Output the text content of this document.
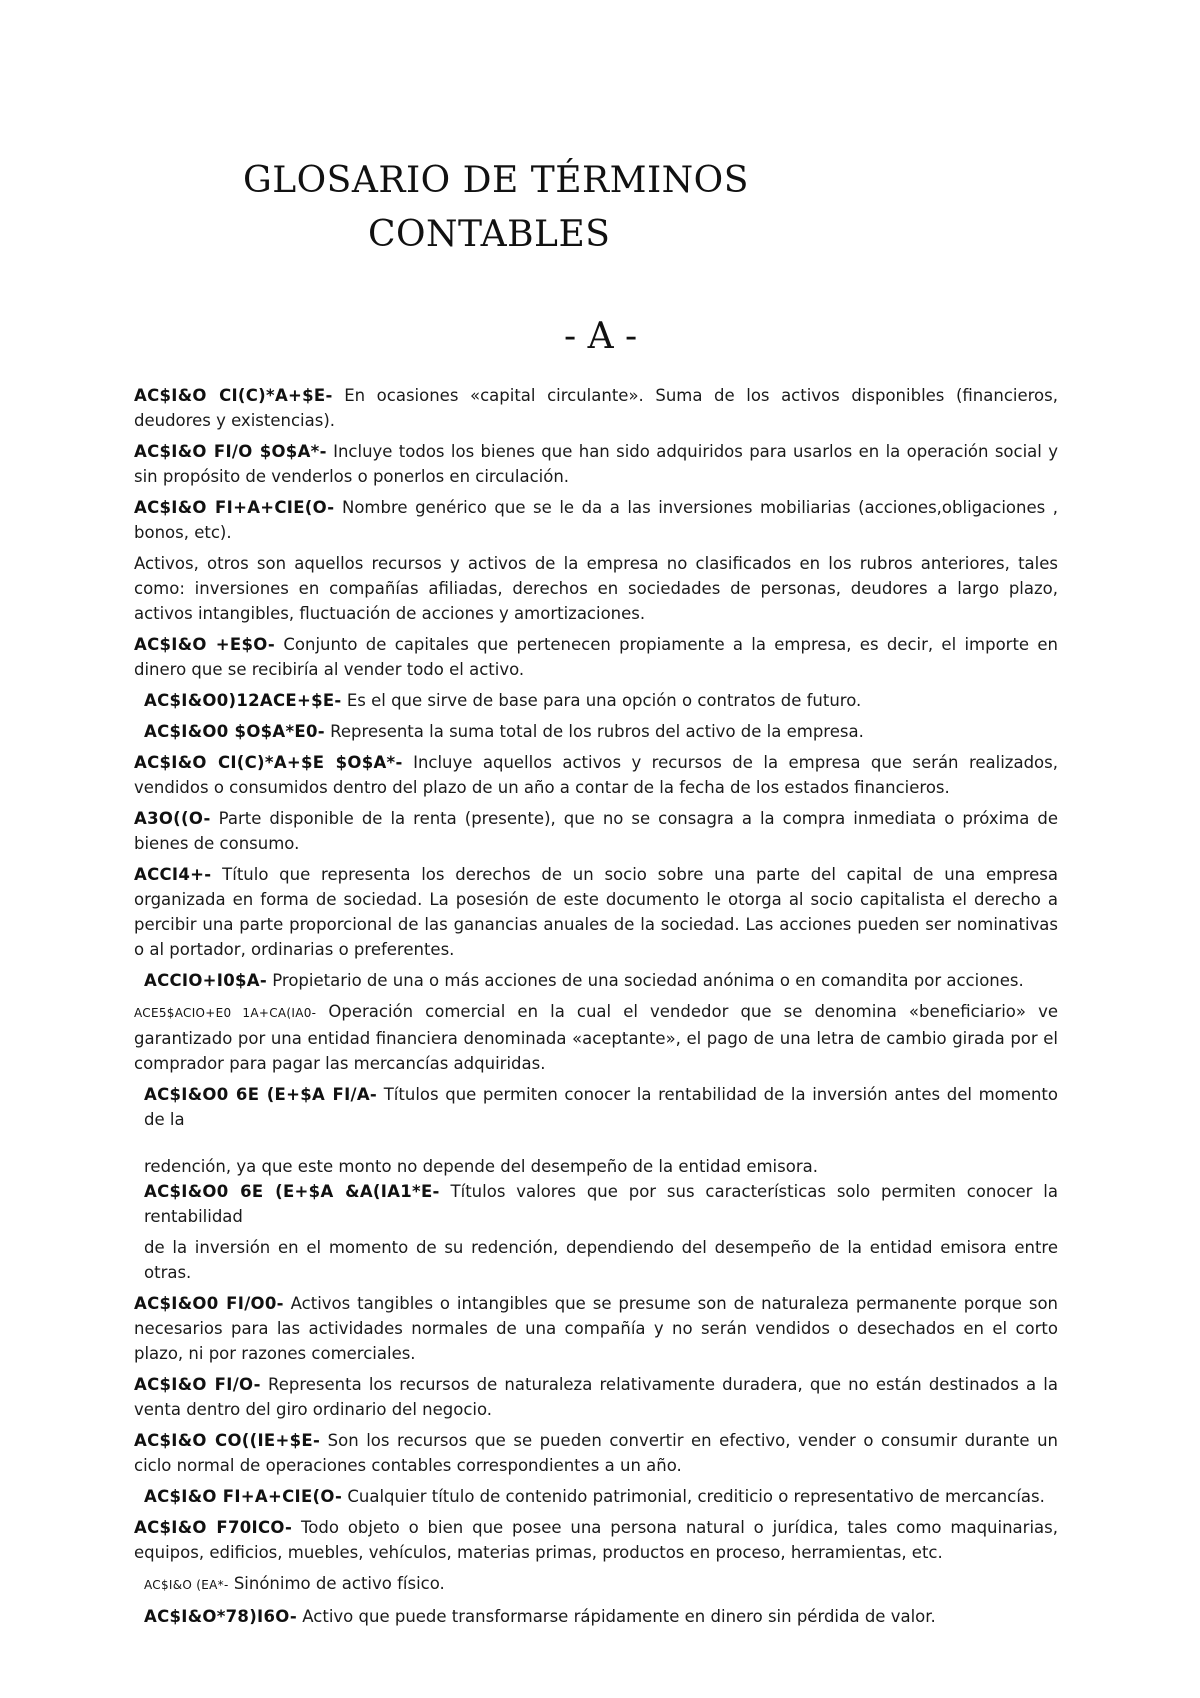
GLOSARIO DE TÉRMINOS
CONTABLES
- A -

AC$I&O CI(C)*A+$E- En ocasiones «capital circulante». Suma de los activos disponibles (financieros, deudores y existencias).

AC$I&O FI/O $O$A*- Incluye todos los bienes que han sido adquiridos para usarlos en la operación social y sin propósito de venderlos o ponerlos en circulación.

AC$I&O FI+A+CIE(O- Nombre genérico que se le da a las inversiones mobiliarias (acciones,obligaciones , bonos, etc).

Activos, otros son aquellos recursos y activos de la empresa no clasificados en los rubros anteriores, tales como: inversiones en compañías afiliadas, derechos en sociedades de personas, deudores a largo plazo, activos intangibles, fluctuación de acciones y amortizaciones.

AC$I&O +E$O- Conjunto de capitales que pertenecen propiamente a la empresa, es decir, el importe en dinero que se recibiría al vender todo el activo.

AC$I&O0)12ACE+$E- Es el que sirve de base para una opción o contratos de futuro.

AC$I&O0 $O$A*E0- Representa la suma total de los rubros del activo de la empresa.

AC$I&O CI(C)*A+$E $O$A*- Incluye aquellos activos y recursos de la empresa que serán realizados, vendidos o consumidos dentro del plazo de un año a contar de la fecha de los estados financieros.

A3O((O- Parte disponible de la renta (presente), que no se consagra a la compra inmediata o próxima de bienes de consumo.

ACCI4+- Título que representa los derechos de un socio sobre una parte del capital de una empresa organizada en forma de sociedad. La posesión de este documento le otorga al socio capitalista el derecho a percibir una parte proporcional de las ganancias anuales de la sociedad. Las acciones pueden ser nominativas o al portador, ordinarias o preferentes.

ACCIO+I0$A- Propietario de una o más acciones de una sociedad anónima o en comandita por acciones.

ACE5$ACIO+E0 1A+CA(IA0- Operación comercial en la cual el vendedor que se denomina «beneficiario» ve garantizado por una entidad financiera denominada «aceptante», el pago de una letra de cambio girada por el comprador para pagar las mercancías adquiridas.

AC$I&O0 6E (E+$A FI/A- Títulos que permiten conocer la rentabilidad de la inversión antes del momento de la

redención, ya que este monto no depende del desempeño de la entidad emisora.

AC$I&O0 6E (E+$A &A(IA1*E- Títulos valores que por sus características solo permiten conocer la rentabilidad

de la inversión en el momento de su redención, dependiendo del desempeño de la entidad emisora entre otras.

AC$I&O0 FI/O0- Activos tangibles o intangibles que se presume son de naturaleza permanente porque son necesarios para las actividades normales de una compañía y no serán vendidos o desechados en el corto plazo, ni por razones comerciales.

AC$I&O FI/O- Representa los recursos de naturaleza relativamente duradera, que no están destinados a la venta dentro del giro ordinario del negocio.

AC$I&O CO((IE+$E- Son los recursos que se pueden convertir en efectivo, vender o consumir durante un ciclo normal de operaciones contables correspondientes a un año.

AC$I&O FI+A+CIE(O- Cualquier título de contenido patrimonial, crediticio o representativo de mercancías.

AC$I&O F70ICO- Todo objeto o bien que posee una persona natural o jurídica, tales como maquinarias, equipos, edificios, muebles, vehículos, materias primas, productos en proceso, herramientas, etc.

AC$I&O (EA*- Sinónimo de activo físico.

AC$I&O*78)I6O- Activo que puede transformarse rápidamente en dinero sin pérdida de valor.
